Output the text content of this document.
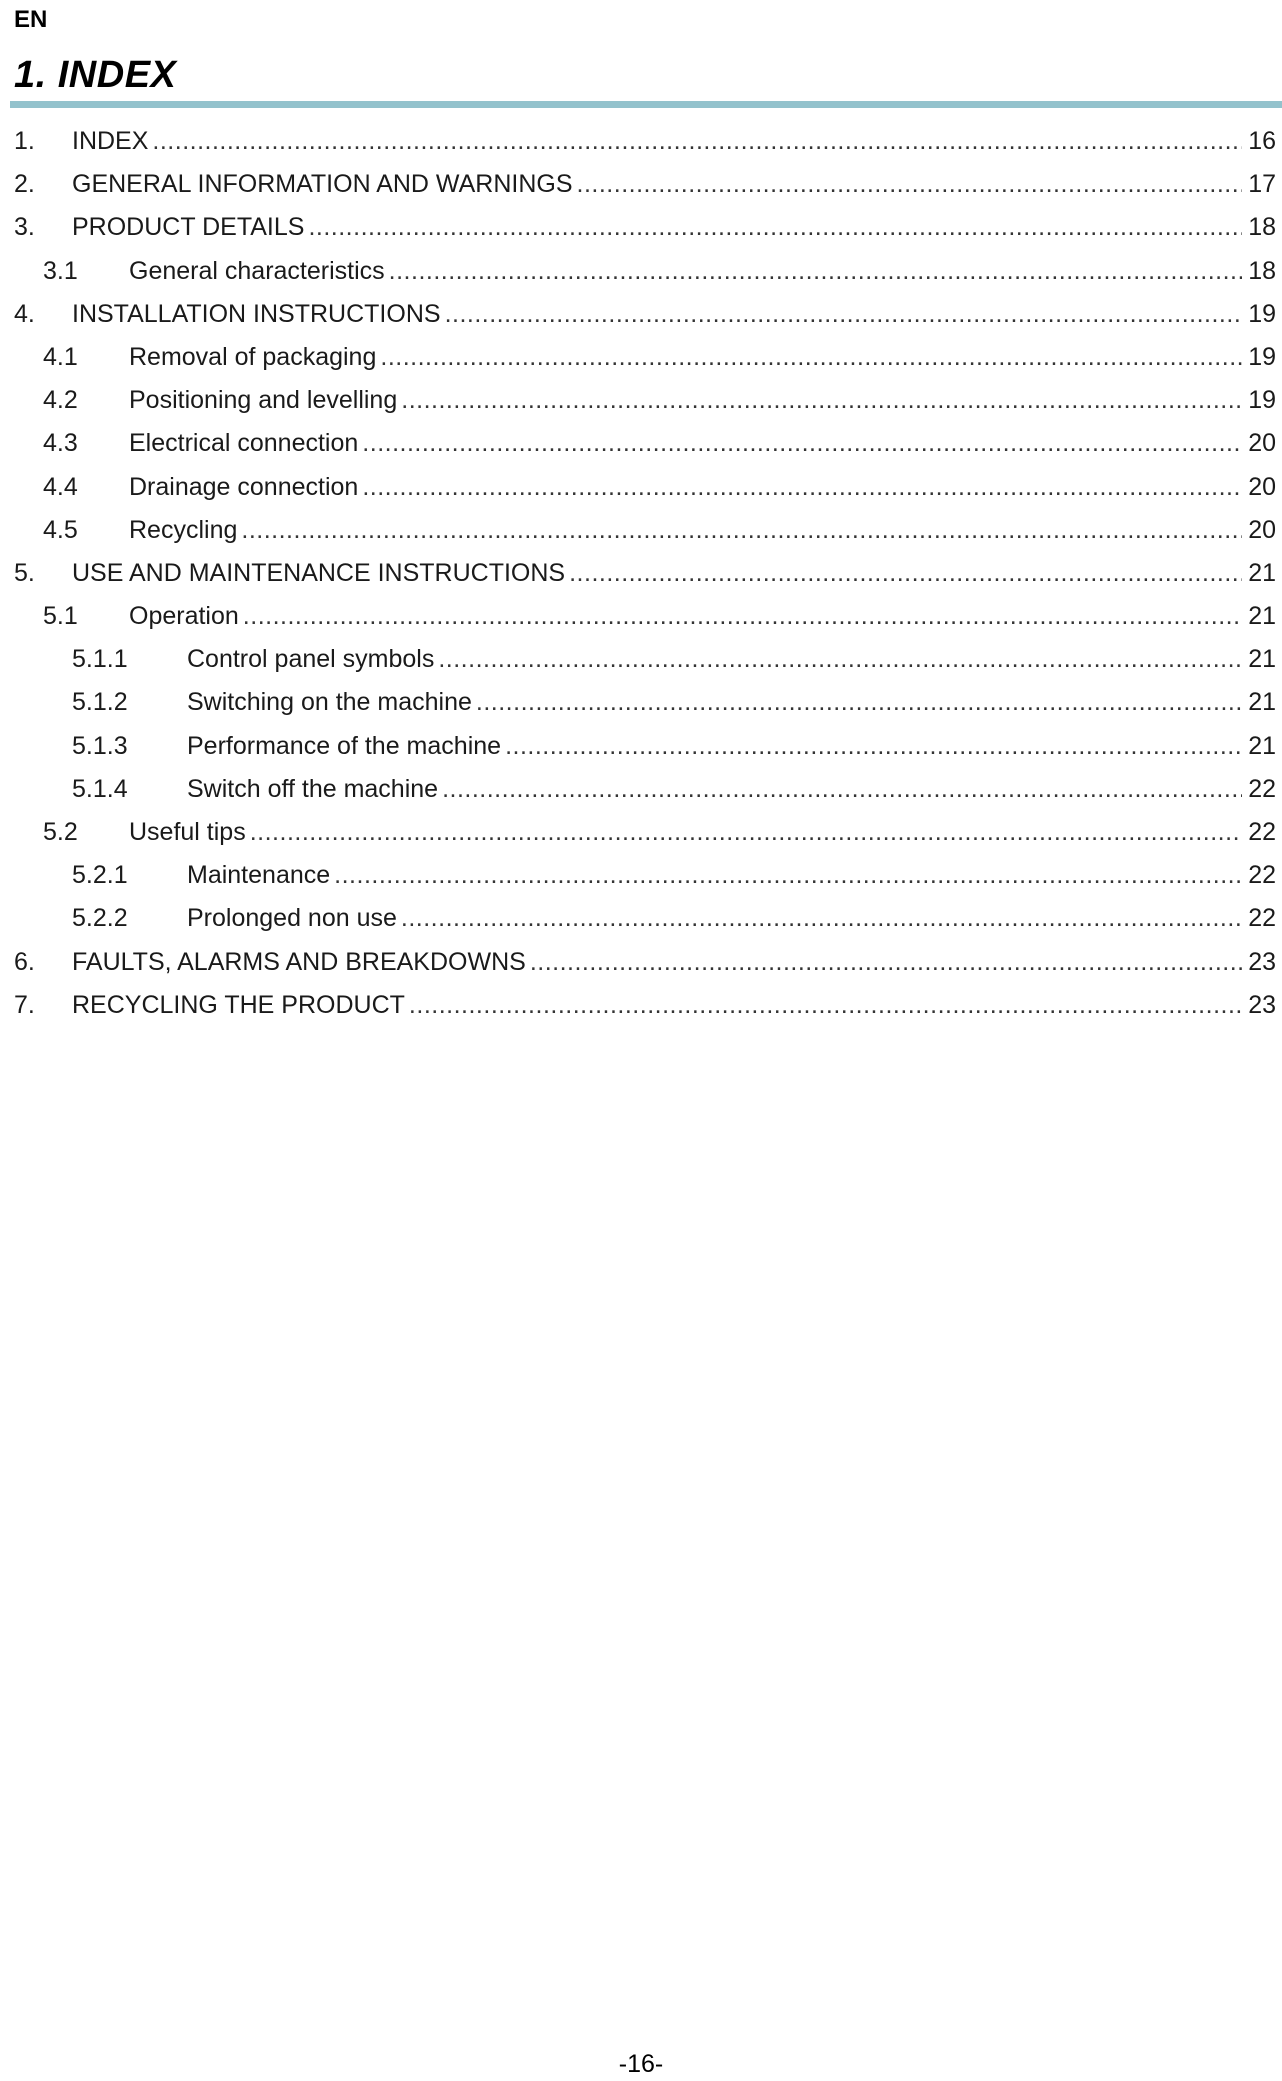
EN
1. INDEX
1. INDEX .....	16
2. GENERAL INFORMATION AND WARNINGS .....	17
3. PRODUCT DETAILS .....	18
3.1 General characteristics .....	18
4. INSTALLATION INSTRUCTIONS .....	19
4.1 Removal of packaging .....	19
4.2 Positioning and levelling .....	19
4.3 Electrical connection .....	20
4.4 Drainage connection .....	20
4.5 Recycling .....	20
5. USE AND MAINTENANCE INSTRUCTIONS .....	21
5.1 Operation .....	21
5.1.1 Control panel symbols .....	21
5.1.2 Switching on the machine .....	21
5.1.3 Performance of the machine .....	21
5.1.4 Switch off the machine .....	22
5.2 Useful tips .....	22
5.2.1 Maintenance .....	22
5.2.2 Prolonged non use .....	22
6. FAULTS, ALARMS AND BREAKDOWNS .....	23
7. RECYCLING THE PRODUCT .....	23
-16-
